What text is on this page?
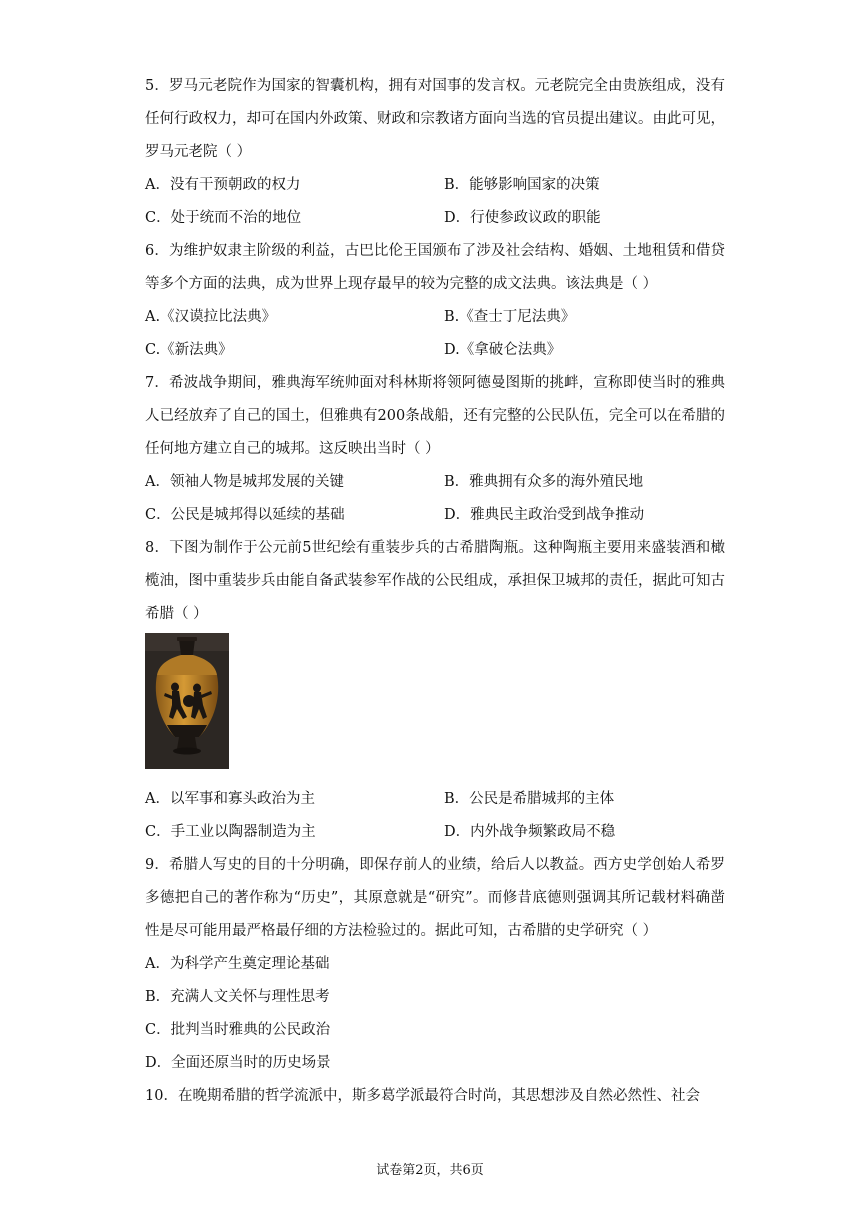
5．罗马元老院作为国家的智囊机构，拥有对国事的发言权。元老院完全由贵族组成，没有任何行政权力，却可在国内外政策、财政和宗教诸方面向当选的官员提出建议。由此可见，罗马元老院（ ）

A．没有干预朝政的权力	B．能够影响国家的决策
C．处于统而不治的地位	D．行使参政议政的职能

6．为维护奴隶主阶级的利益，古巴比伦王国颁布了涉及社会结构、婚姻、土地租赁和借贷等多个方面的法典，成为世界上现存最早的较为完整的成文法典。该法典是（ ）

A.《汉谟拉比法典》	B.《查士丁尼法典》
C.《新法典》	D.《拿破仑法典》

7．希波战争期间，雅典海军统帅面对科林斯将领阿德曼图斯的挑衅，宣称即使当时的雅典人已经放弃了自己的国土，但雅典有200条战船，还有完整的公民队伍，完全可以在希腊的任何地方建立自己的城邦。这反映出当时（ ）

A．领袖人物是城邦发展的关键	B．雅典拥有众多的海外殖民地
C．公民是城邦得以延续的基础	D．雅典民主政治受到战争推动

8．下图为制作于公元前5世纪绘有重装步兵的古希腊陶瓶。这种陶瓶主要用来盛装酒和橄榄油，图中重装步兵由能自备武装参军作战的公民组成，承担保卫城邦的责任，据此可知古希腊（ ）

A．以军事和寡头政治为主	B．公民是希腊城邦的主体
C．手工业以陶器制造为主	D．内外战争频繁政局不稳

9．希腊人写史的目的十分明确，即保存前人的业绩，给后人以教益。西方史学创始人希罗多德把自己的著作称为“历史”，其原意就是“研究”。而修昔底德则强调其所记载材料确凿性是尽可能用最严格最仔细的方法检验过的。据此可知，古希腊的史学研究（ ）

A．为科学产生奠定理论基础
B．充满人文关怀与理性思考
C．批判当时雅典的公民政治
D．全面还原当时的历史场景

10．在晚期希腊的哲学流派中，斯多葛学派最符合时尚，其思想涉及自然必然性、社会

试卷第2页，共6页
